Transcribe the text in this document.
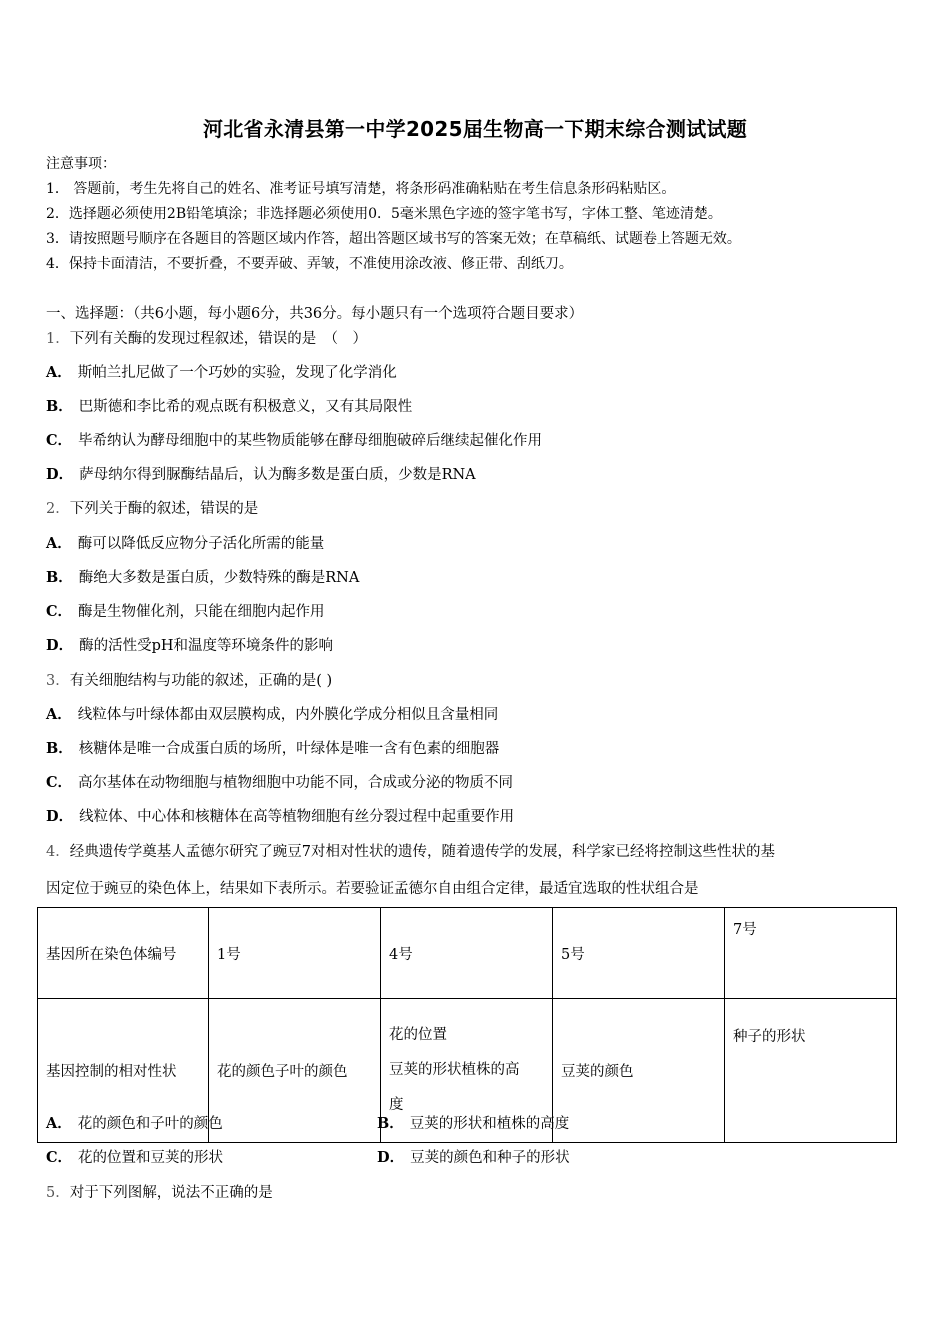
河北省永清县第一中学2025届生物高一下期末综合测试试题
注意事项：
1． 答题前，考生先将自己的姓名、准考证号填写清楚，将条形码准确粘贴在考生信息条形码粘贴区。
2．选择题必须使用2B铅笔填涂；非选择题必须使用0．5毫米黑色字迹的签字笔书写，字体工整、笔迹清楚。
3．请按照题号顺序在各题目的答题区域内作答，超出答题区域书写的答案无效；在草稿纸、试题卷上答题无效。
4．保持卡面清洁，不要折叠，不要弄破、弄皱，不准使用涂改液、修正带、刮纸刀。
一、选择题：（共6小题，每小题6分，共36分。每小题只有一个选项符合题目要求）
1．下列有关酶的发现过程叙述，错误的是　（　）
A． 斯帕兰扎尼做了一个巧妙的实验，发现了化学消化
B． 巴斯德和李比希的观点既有积极意义，又有其局限性
C． 毕希纳认为酵母细胞中的某些物质能够在酵母细胞破碎后继续起催化作用
D． 萨母纳尔得到脲酶结晶后，认为酶多数是蛋白质，少数是RNA
2．下列关于酶的叙述，错误的是
A． 酶可以降低反应物分子活化所需的能量
B． 酶绝大多数是蛋白质，少数特殊的酶是RNA
C． 酶是生物催化剂，只能在细胞内起作用
D． 酶的活性受pH和温度等环境条件的影响
3．有关细胞结构与功能的叙述，正确的是( )
A． 线粒体与叶绿体都由双层膜构成，内外膜化学成分相似且含量相同
B． 核糖体是唯一合成蛋白质的场所，叶绿体是唯一含有色素的细胞器
C． 高尔基体在动物细胞与植物细胞中功能不同，合成或分泌的物质不同
D． 线粒体、中心体和核糖体在高等植物细胞有丝分裂过程中起重要作用
4．经典遗传学奠基人孟德尔研究了豌豆7对相对性状的遗传，随着遗传学的发展，科学家已经将控制这些性状的基
因定位于豌豆的染色体上，结果如下表所示。若要验证孟德尔自由组合定律，最适宜选取的性状组合是
基因所在染色体编号	1号	4号	5号	7号
基因控制的相对性状	花的颜色子叶的颜色	花的位置
豆荚的形状植株的高
度	豆荚的颜色	种子的形状
A． 花的颜色和子叶的颜色	B． 豆荚的形状和植株的高度
C． 花的位置和豆荚的形状	D． 豆荚的颜色和种子的形状
5．对于下列图解，说法不正确的是
